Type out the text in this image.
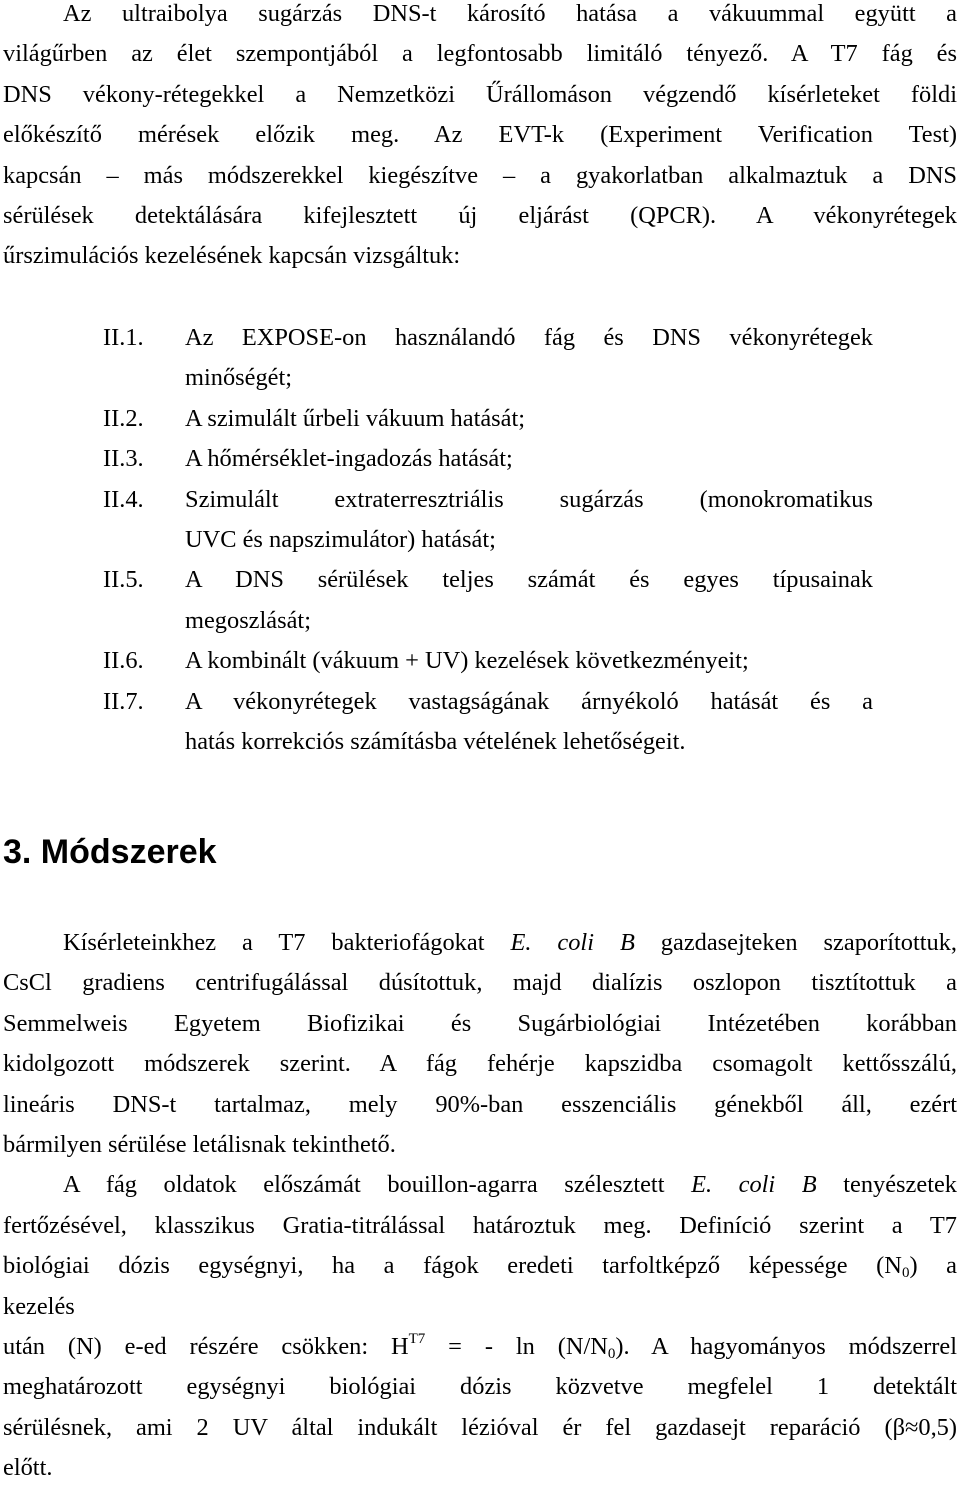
Az ultraibolya sugárzás DNS-t károsító hatása a vákuummal együtt a
világűrben az élet szempontjából a legfontosabb limitáló tényező. A T7 fág és
DNS vékony-rétegekkel a Nemzetközi Űrállomáson végzendő kísérleteket földi
előkészítő mérések előzik meg. Az EVT-k (Experiment Verification Test)
kapcsán – más módszerekkel kiegészítve – a gyakorlatban alkalmaztuk a DNS
sérülések detektálására kifejlesztett új eljárást (QPCR). A vékonyrétegek
űrszimulációs kezelésének kapcsán vizsgáltuk:
II.1.	Az EXPOSE-on használandó fág és DNS vékonyrétegek
minőségét;
II.2.	A szimulált űrbeli vákuum hatását;
II.3.	A hőmérséklet-ingadozás hatását;
II.4.	Szimulált extraterresztriális sugárzás (monokromatikus
UVC és napszimulátor) hatását;
II.5.	A DNS sérülések teljes számát és egyes típusainak
megoszlását;
II.6.	A kombinált (vákuum + UV) kezelések következményeit;
II.7.	A vékonyrétegek vastagságának árnyékoló hatását és a
hatás korrekciós számításba vételének lehetőségeit.
3. Módszerek

Kísérleteinkhez a T7 bakteriofágokat E. coli B gazdasejteken szaporítottuk,
CsCl gradiens centrifugálással dúsítottuk, majd dialízis oszlopon tisztítottuk a
Semmelweis Egyetem Biofizikai és Sugárbiológiai Intézetében korábban
kidolgozott módszerek szerint. A fág fehérje kapszidba csomagolt kettősszálú,
lineáris DNS-t tartalmaz, mely 90%-ban esszenciális génekből áll, ezért
bármilyen sérülése letálisnak tekinthető.

A fág oldatok előszámát bouillon-agarra szélesztett E. coli B tenyészetek
fertőzésével, klasszikus Gratia-titrálással határoztuk meg. Definíció szerint a T7
biológiai dózis egységnyi, ha a fágok eredeti tarfoltképző képessége $(N_0)$ a
kezelés
után (N) e-ed részére csökken: $H^{T7}$ = - $\ln (N/N_0)$. A hagyományos módszerrel
meghatározott egységnyi biológiai dózis közvetve megfelel 1 detektált
sérülésnek, ami 2 UV által indukált lézióval ér fel gazdasejt reparáció (β≈0,5)
előtt.
